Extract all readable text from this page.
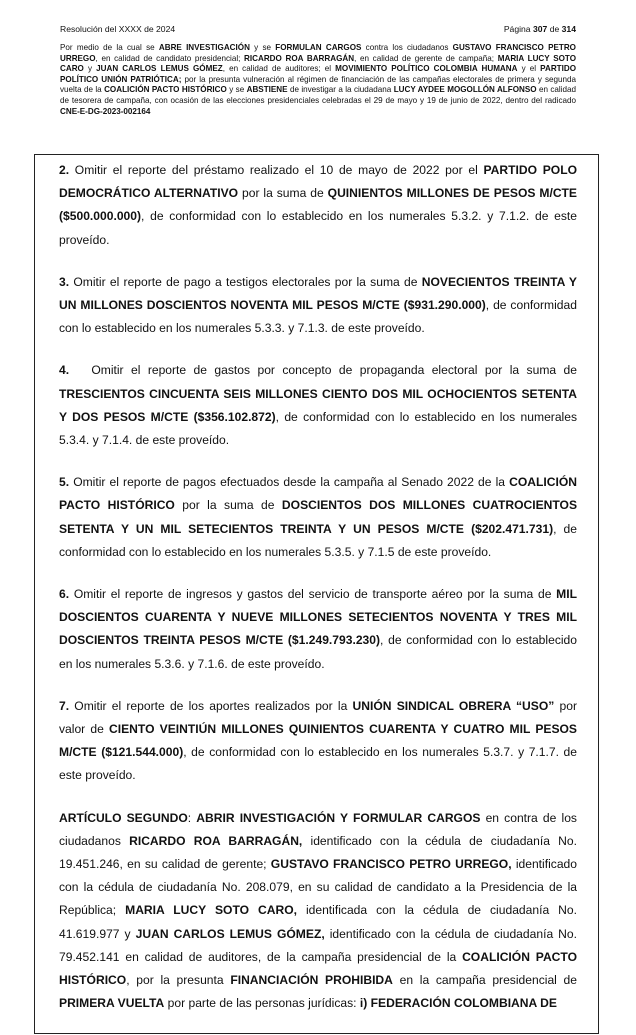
Resolución del XXXX de 2024	Página 307 de 314
Por medio de la cual se ABRE INVESTIGACIÓN y se FORMULAN CARGOS contra los ciudadanos GUSTAVO FRANCISCO PETRO URREGO, en calidad de candidato presidencial; RICARDO ROA BARRAGÁN, en calidad de gerente de campaña; MARIA LUCY SOTO CARO y JUAN CARLOS LEMUS GÓMEZ, en calidad de auditores; el MOVIMIENTO POLÍTICO COLOMBIA HUMANA y el PARTIDO POLÍTICO UNIÓN PATRIÓTICA; por la presunta vulneración al régimen de financiación de las campañas electorales de primera y segunda vuelta de la COALICIÓN PACTO HISTÓRICO y se ABSTIENE de investigar a la ciudadana LUCY AYDEE MOGOLLÓN ALFONSO en calidad de tesorera de campaña, con ocasión de las elecciones presidenciales celebradas el 29 de mayo y 19 de junio de 2022, dentro del radicado CNE-E-DG-2023-002164

2. Omitir el reporte del préstamo realizado el 10 de mayo de 2022 por el PARTIDO POLO DEMOCRÁTICO ALTERNATIVO por la suma de QUINIENTOS MILLONES DE PESOS M/CTE ($500.000.000), de conformidad con lo establecido en los numerales 5.3.2. y 7.1.2. de este proveído.

3. Omitir el reporte de pago a testigos electorales por la suma de NOVECIENTOS TREINTA Y UN MILLONES DOSCIENTOS NOVENTA MIL PESOS M/CTE ($931.290.000), de conformidad con lo establecido en los numerales 5.3.3. y 7.1.3. de este proveído.

4.   Omitir el reporte de gastos por concepto de propaganda electoral por la suma de TRESCIENTOS CINCUENTA SEIS MILLONES CIENTO DOS MIL OCHOCIENTOS SETENTA Y DOS PESOS M/CTE ($356.102.872), de conformidad con lo establecido en los numerales 5.3.4. y 7.1.4. de este proveído.

5. Omitir el reporte de pagos efectuados desde la campaña al Senado 2022 de la COALICIÓN PACTO HISTÓRICO por la suma de DOSCIENTOS DOS MILLONES CUATROCIENTOS SETENTA Y UN MIL SETECIENTOS TREINTA Y UN PESOS M/CTE ($202.471.731), de conformidad con lo establecido en los numerales 5.3.5. y 7.1.5 de este proveído.

6. Omitir el reporte de ingresos y gastos del servicio de transporte aéreo por la suma de MIL DOSCIENTOS CUARENTA Y NUEVE MILLONES SETECIENTOS NOVENTA Y TRES MIL DOSCIENTOS TREINTA PESOS M/CTE ($1.249.793.230), de conformidad con lo establecido en los numerales 5.3.6. y 7.1.6. de este proveído.

7. Omitir el reporte de los aportes realizados por la UNIÓN SINDICAL OBRERA “USO” por valor de CIENTO VEINTIÚN MILLONES QUINIENTOS CUARENTA Y CUATRO MIL PESOS M/CTE ($121.544.000), de conformidad con lo establecido en los numerales 5.3.7. y 7.1.7. de este proveído.

ARTÍCULO SEGUNDO: ABRIR INVESTIGACIÓN Y FORMULAR CARGOS en contra de los ciudadanos RICARDO ROA BARRAGÁN, identificado con la cédula de ciudadanía No. 19.451.246, en su calidad de gerente; GUSTAVO FRANCISCO PETRO URREGO, identificado con la cédula de ciudadanía No. 208.079, en su calidad de candidato a la Presidencia de la República; MARIA LUCY SOTO CARO, identificada con la cédula de ciudadanía No. 41.619.977 y JUAN CARLOS LEMUS GÓMEZ, identificado con la cédula de ciudadanía No. 79.452.141 en calidad de auditores, de la campaña presidencial de la COALICIÓN PACTO HISTÓRICO, por la presunta FINANCIACIÓN PROHIBIDA en la campaña presidencial de PRIMERA VUELTA por parte de las personas jurídicas: i) FEDERACIÓN COLOMBIANA DE
